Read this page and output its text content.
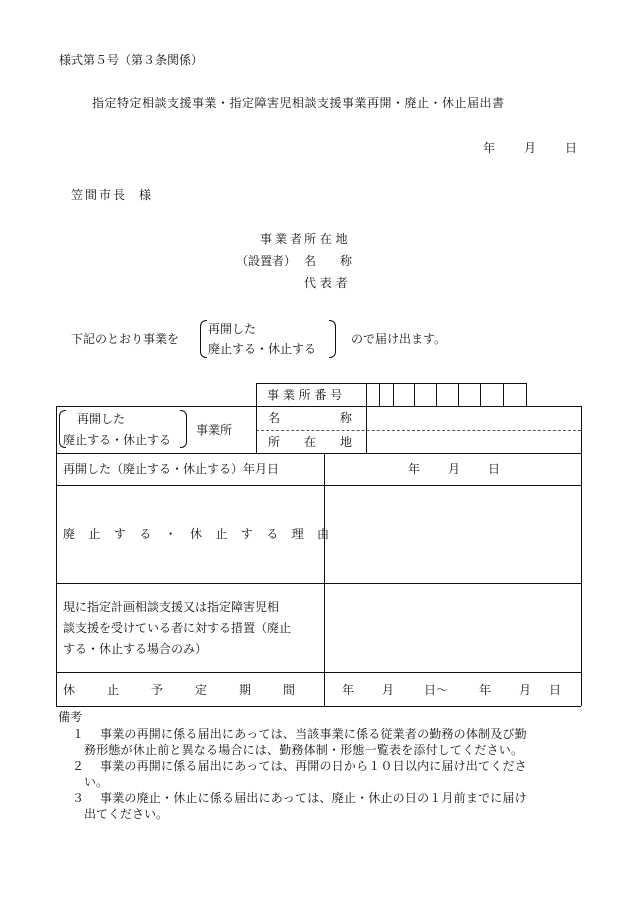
様式第５号（第３条関係）
指定特定相談支援事業・指定障害児相談支援事業再開・廃止・休止届出書
年 月 日
笠間市長 様
事業者
所 在 地
（設置者） 名　　称
代 表 者
下記のとおり事業を
再開した
廃止する・休止する
ので届け出ます。
事 業 所 番 号
再開した
廃止する・休止する
事業所
名　　　　　称
所　　在　　地
再開した（廃止する・休止する）年月日	年 月 日
廃止する・休止する理由
現に指定計画相談支援又は指定障害児相
談支援を受けている者に対する措置（廃止
する・休止する場合のみ）
休止予定期間 年 月 日～	年 月 日
備考
１ 事業の再開に係る届出にあっては、当該事業に係る従業者の勤務の体制及び勤
務形態が休止前と異なる場合には、勤務体制・形態一覧表を添付してください。
２ 事業の再開に係る届出にあっては、再開の日から１０日以内に届け出てくださ
い。
３ 事業の廃止・休止に係る届出にあっては、廃止・休止の日の１月前までに届け
出てください。
